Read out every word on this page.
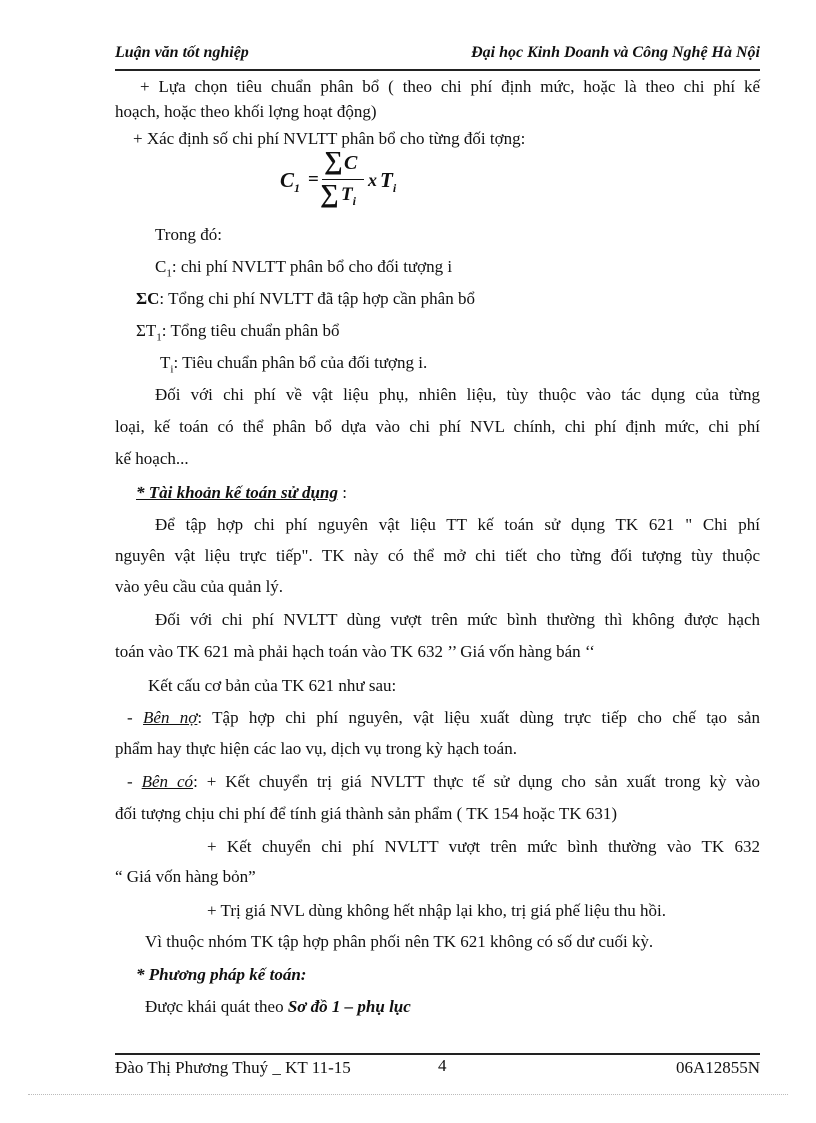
Luận văn tốt nghiệp	Đại học Kinh Doanh và Công Nghệ Hà Nội
+ Lựa chọn tiêu chuẩn phân bổ ( theo chi phí định mức, hoặc là theo chi phí kế
hoạch, hoặc theo khối lợng hoạt động)
+ Xác định số chi phí NVLTT phân bổ cho từng đối tợng:
$C_1$ =
∑ C
∑ $T_i$
x $T_i$
Trong đó:
$C_1$: chi phí NVLTT phân bổ cho đối tượng i
ΣC: Tổng chi phí NVLTT đã tập hợp cần phân bổ
$\Sigma T_1$: Tổng tiêu chuẩn phân bổ
$T_i$: Tiêu chuẩn phân bổ của đối tượng i.
Đối với chi phí về vật liệu phụ, nhiên liệu, tùy thuộc vào tác dụng của từng
loại, kế toán có thể phân bổ dựa vào chi phí NVL chính, chi phí định mức, chi phí
kế hoạch...
* Tài khoản kế toán sử dụng :
Để tập hợp chi phí nguyên vật liệu TT kế toán sử dụng TK 621 " Chi phí
nguyên vật liệu trực tiếp". TK này có thể mở chi tiết cho từng đối tượng tùy thuộc
vào yêu cầu của quản lý.
Đối với chi phí NVLTT dùng vượt trên mức bình thường thì không được hạch
toán vào TK 621 mà phải hạch toán vào TK 632 ’’ Giá vốn hàng bán ‘‘
Kết cấu cơ bản của TK 621 như sau:
- Bên nợ: Tập hợp chi phí nguyên, vật liệu xuất dùng trực tiếp cho chế tạo sản
phẩm hay thực hiện các lao vụ, dịch vụ trong kỳ hạch toán.
- Bên có: + Kết chuyển trị giá NVLTT thực tế sử dụng cho sản xuất trong kỳ vào
đối tượng chịu chi phí để tính giá thành sản phẩm ( TK 154 hoặc TK 631)
+ Kết chuyển chi phí NVLTT vượt trên mức bình thường vào TK 632
“ Giá vốn hàng bỏn”
+ Trị giá NVL dùng không hết nhập lại kho, trị giá phế liệu thu hồi.
Vì thuộc nhóm TK tập hợp phân phối nên TK 621 không có số dư cuối kỳ.
* Phương pháp kế toán:
Được khái quát theo Sơ đồ 1 – phụ lục
Đào Thị Phương Thuý _ KT 11-15	4	06A12855N
